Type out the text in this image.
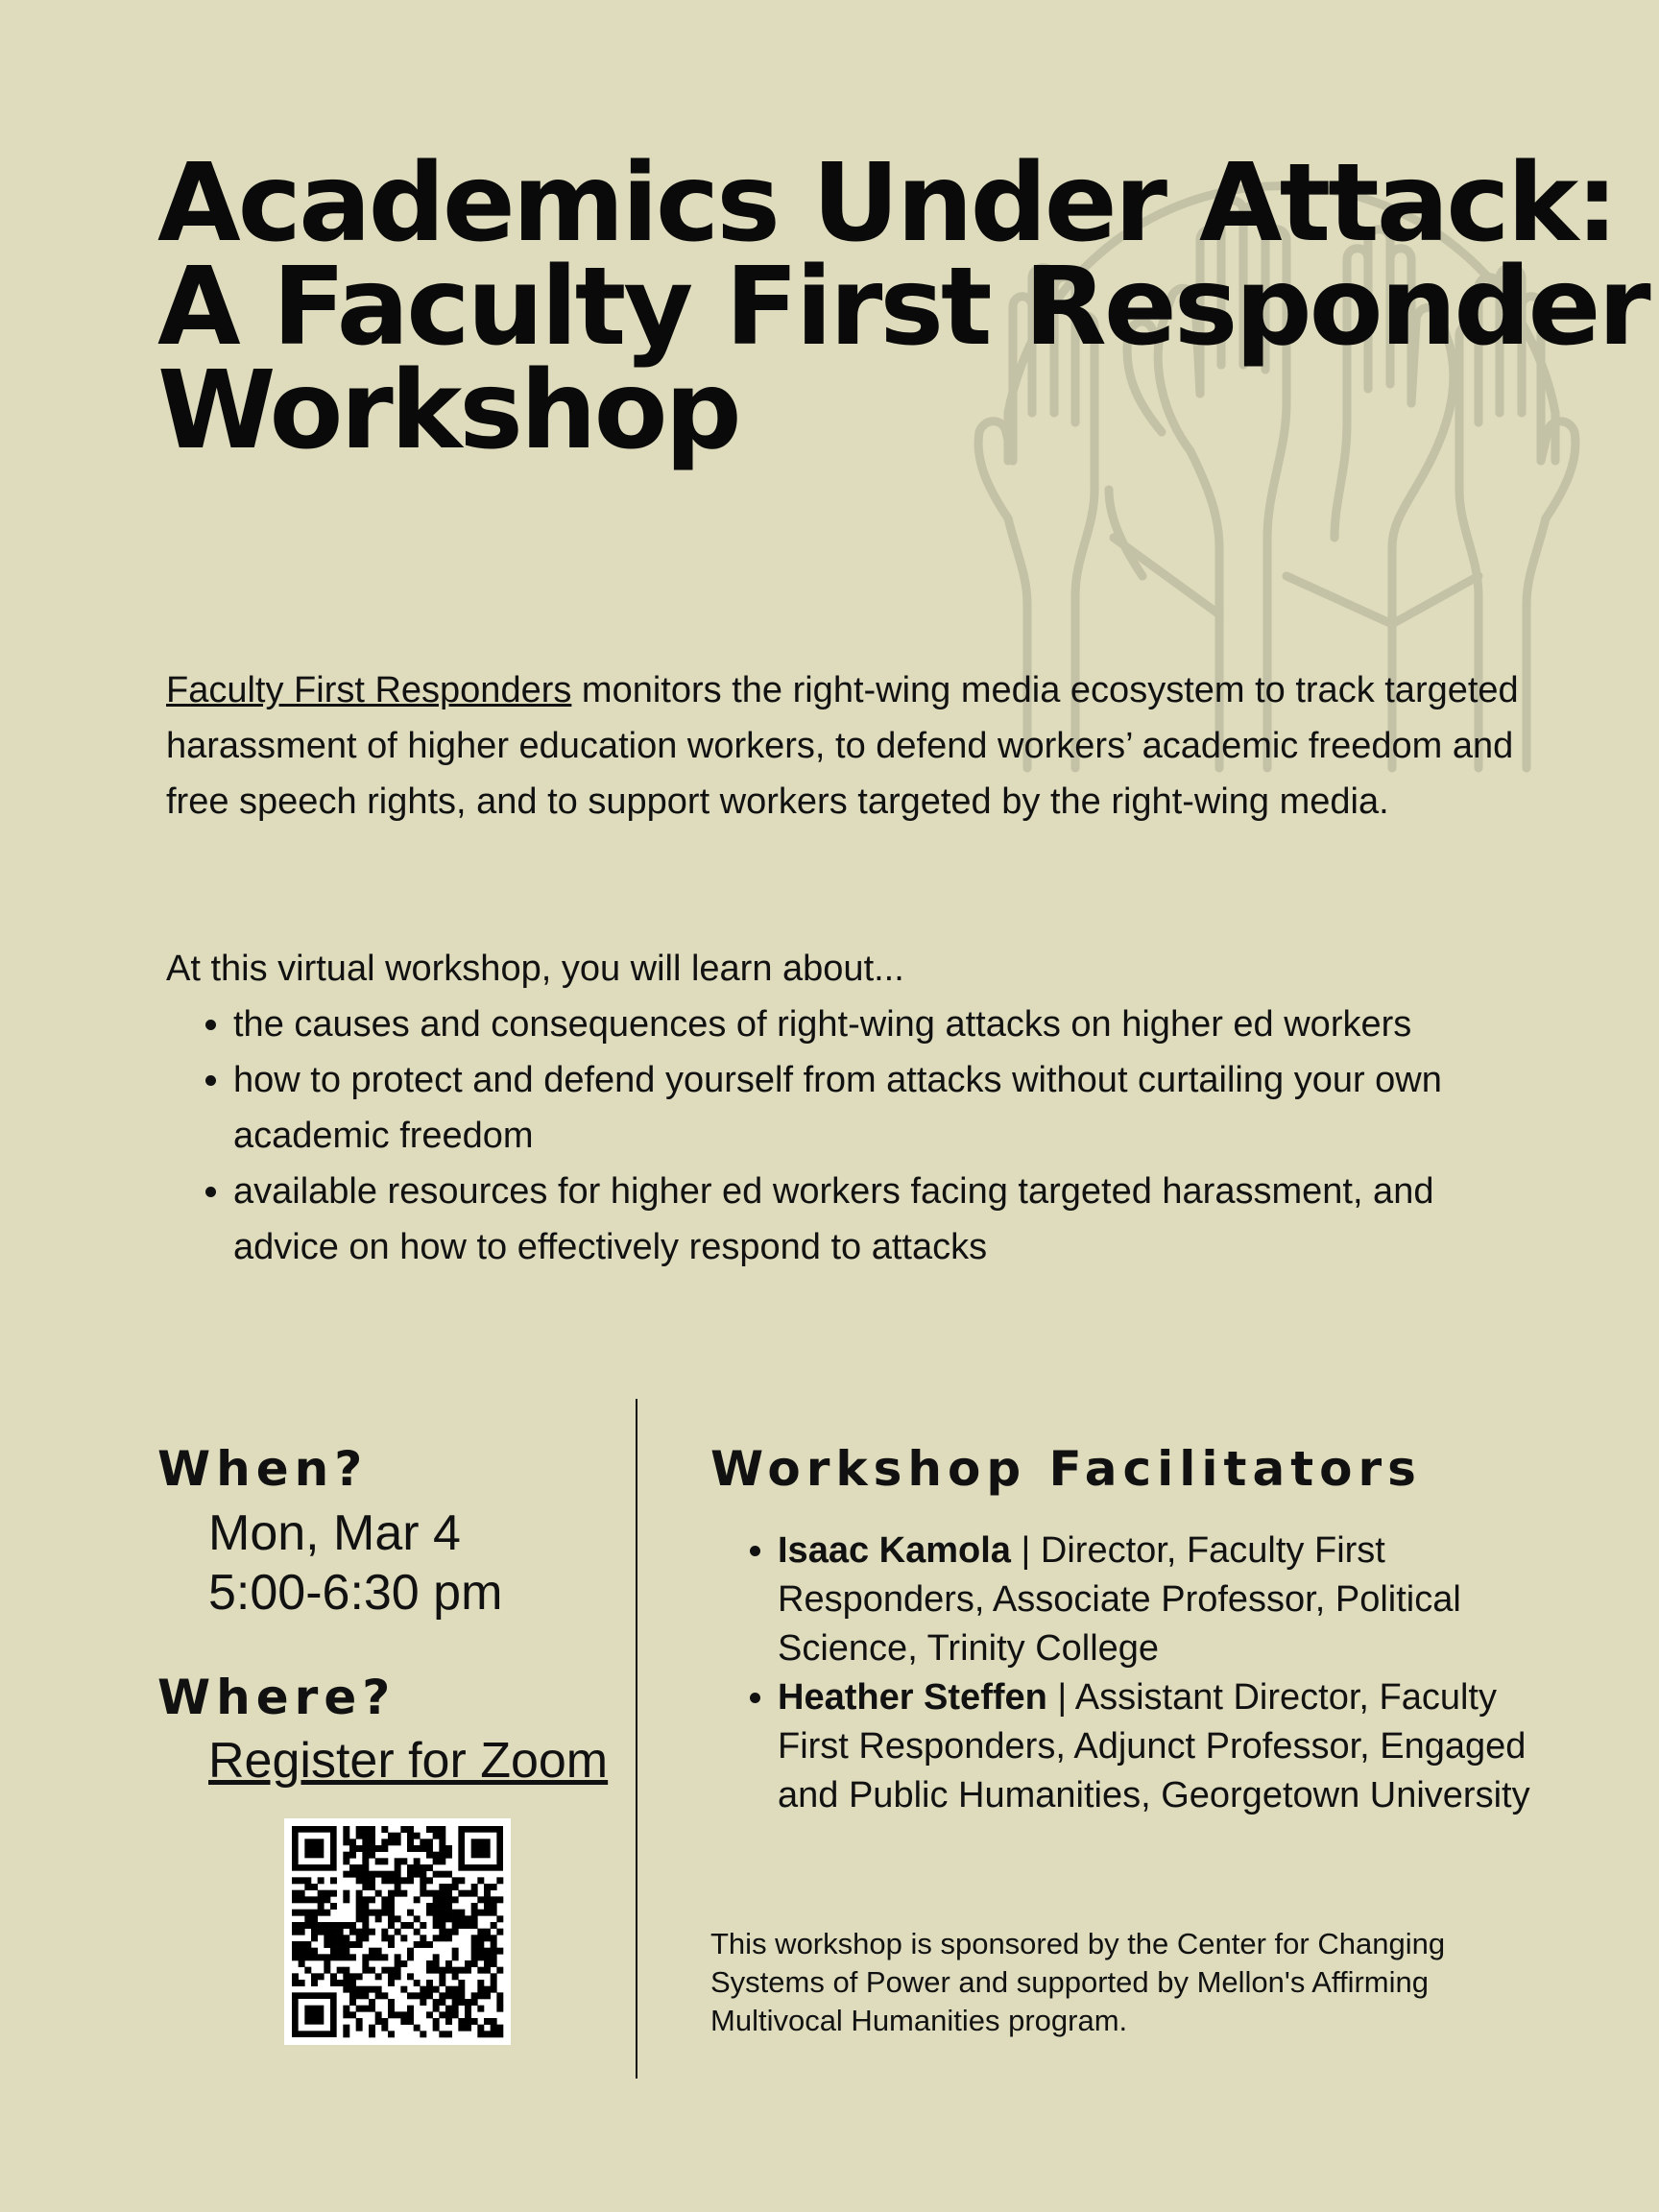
Academics Under Attack:
A Faculty First Responder
Workshop

Faculty First Responders monitors the right-wing media ecosystem to track targeted harassment of higher education workers, to defend workers’ academic freedom and free speech rights, and to support workers targeted by the right-wing media.

At this virtual workshop, you will learn about...

• the causes and consequences of right-wing attacks on higher ed workers
• how to protect and defend yourself from attacks without curtailing your own academic freedom
• available resources for higher ed workers facing targeted harassment, and advice on how to effectively respond to attacks
When?

Mon, Mar 4

5:00-6:30 pm

Where?
Register for Zoom
Workshop Facilitators
• Isaac Kamola | Director, Faculty First Responders, Associate Professor, Political Science, Trinity College
• Heather Steffen | Assistant Director, Faculty First Responders, Adjunct Professor, Engaged and Public Humanities, Georgetown University

This workshop is sponsored by the Center for Changing Systems of Power and supported by Mellon's Affirming Multivocal Humanities program.
